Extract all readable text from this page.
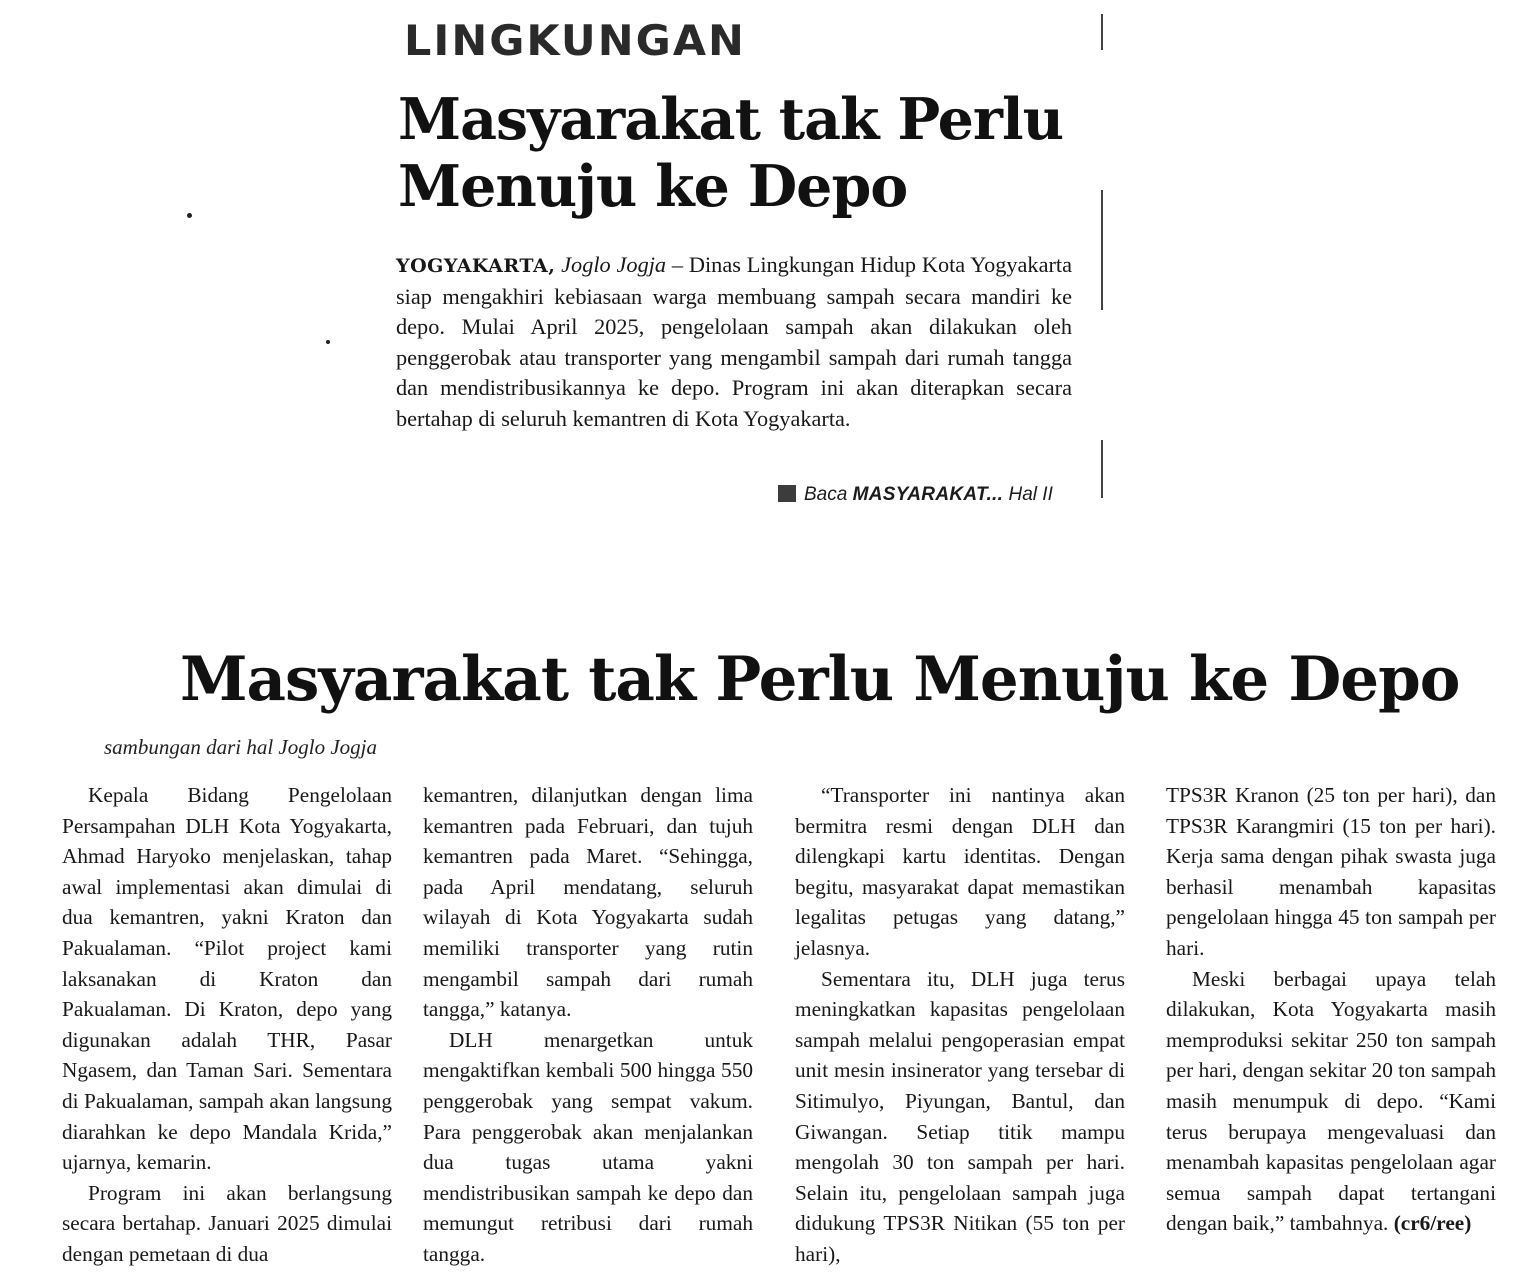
LINGKUNGAN
Masyarakat tak Perlu
Menuju ke Depo
YOGYAKARTA, Joglo Jogja – Dinas Lingkungan Hidup Kota Yogyakarta siap mengakhiri kebiasaan warga membuang sampah secara mandiri ke depo. Mulai April 2025, pengelolaan sampah akan dilakukan oleh penggerobak atau transporter yang mengambil sampah dari rumah tangga dan mendistribusikannya ke depo. Program ini akan diterapkan secara bertahap di seluruh kemantren di Kota Yogyakarta.
Baca MASYARAKAT... Hal II
Masyarakat tak Perlu Menuju ke Depo
sambungan dari hal Joglo Jogja

Kepala Bidang Pengelolaan Persampahan DLH Kota Yogyakarta, Ahmad Haryoko menjelaskan, tahap awal implementasi akan dimulai di dua kemantren, yakni Kraton dan Pakualaman. “Pilot project kami laksanakan di Kraton dan Pakualaman. Di Kraton, depo yang digunakan adalah THR, Pasar Ngasem, dan Taman Sari. Sementara di Pakualaman, sampah akan langsung diarahkan ke depo Mandala Krida,” ujarnya, kemarin.

Program ini akan berlangsung secara bertahap. Januari 2025 dimulai dengan pemetaan di dua

kemantren, dilanjutkan dengan lima kemantren pada Februari, dan tujuh kemantren pada Maret. “Sehingga, pada April mendatang, seluruh wilayah di Kota Yogyakarta sudah memiliki transporter yang rutin mengambil sampah dari rumah tangga,” katanya.

DLH menargetkan untuk mengaktifkan kembali 500 hingga 550 penggerobak yang sempat vakum. Para penggerobak akan menjalankan dua tugas utama yakni mendistribusikan sampah ke depo dan memungut retribusi dari rumah tangga.

“Transporter ini nantinya akan bermitra resmi dengan DLH dan dilengkapi kartu identitas. Dengan begitu, masyarakat dapat memastikan legalitas petugas yang datang,” jelasnya.

Sementara itu, DLH juga terus meningkatkan kapasitas pengelolaan sampah melalui pengoperasian empat unit mesin insinerator yang tersebar di Sitimulyo, Piyungan, Bantul, dan Giwangan. Setiap titik mampu mengolah 30 ton sampah per hari. Selain itu, pengelolaan sampah juga didukung TPS3R Nitikan (55 ton per hari),

TPS3R Kranon (25 ton per hari), dan TPS3R Karangmiri (15 ton per hari). Kerja sama dengan pihak swasta juga berhasil menambah kapasitas pengelolaan hingga 45 ton sampah per hari.

Meski berbagai upaya telah dilakukan, Kota Yogyakarta masih memproduksi sekitar 250 ton sampah per hari, dengan sekitar 20 ton sampah masih menumpuk di depo. “Kami terus berupaya mengevaluasi dan menambah kapasitas pengelolaan agar semua sampah dapat tertangani dengan baik,” tambahnya. (cr6/ree)
